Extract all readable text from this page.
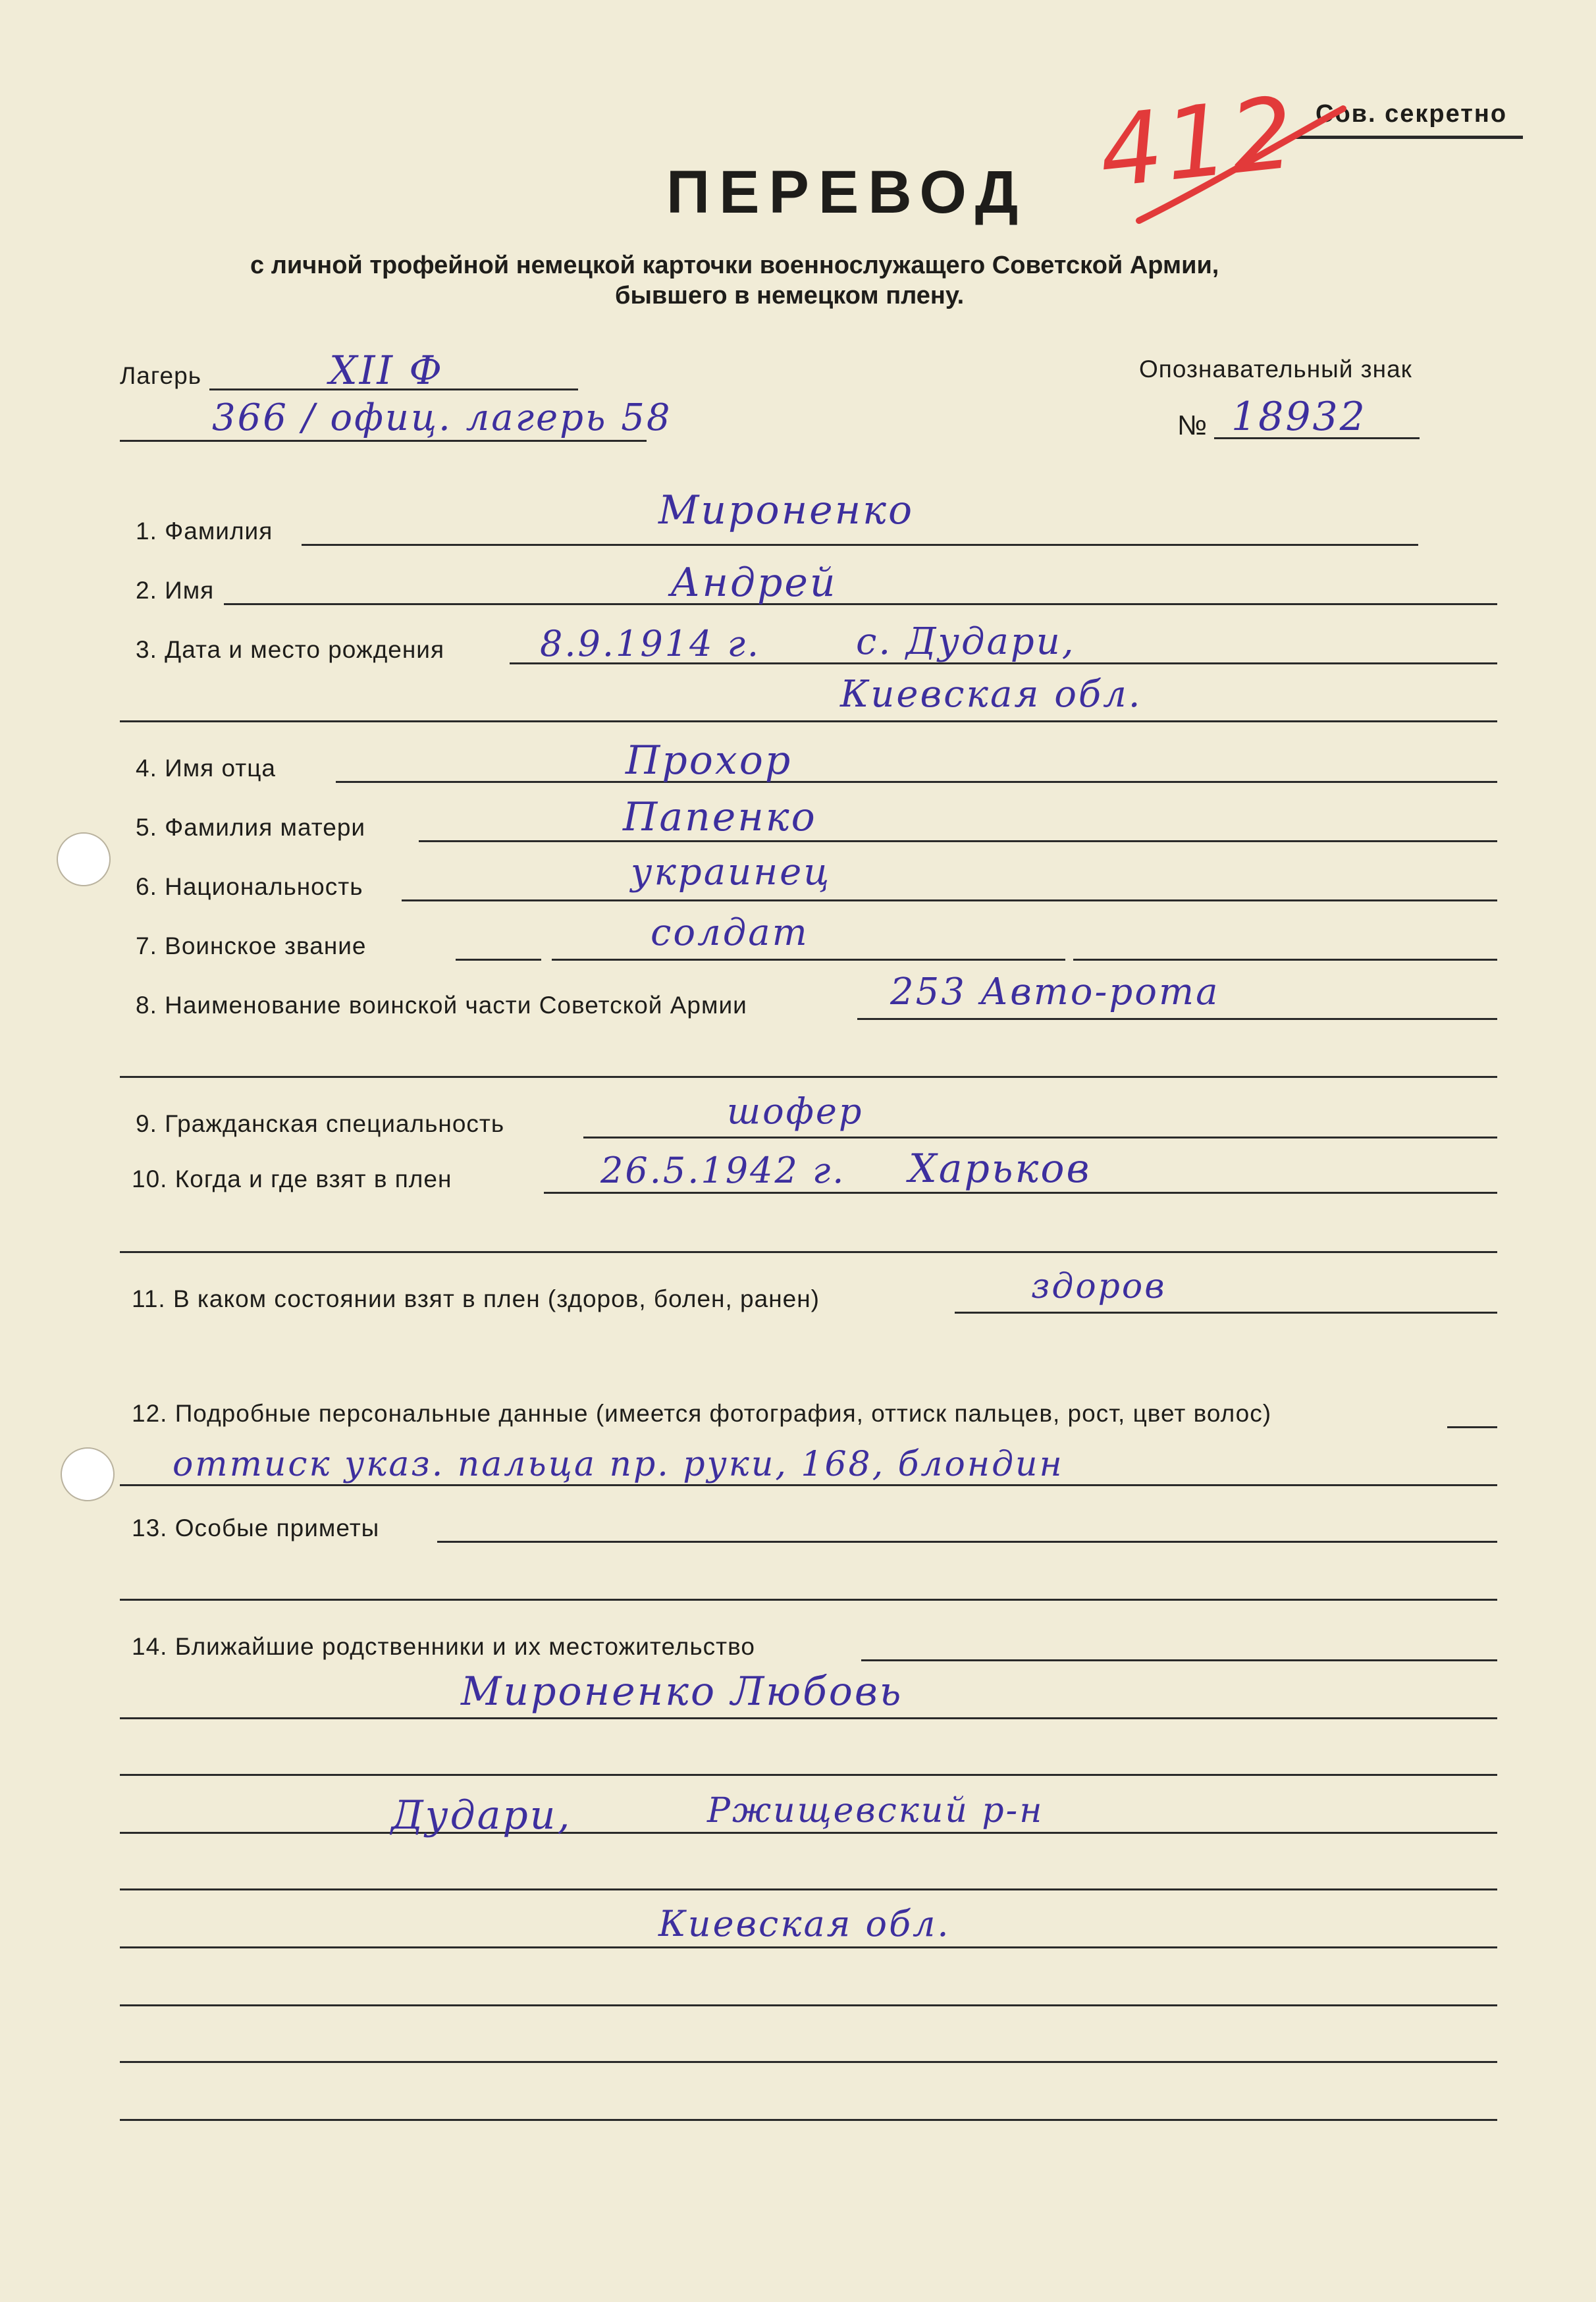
Сов. секретно
412
ПЕРЕВОД
с личной трофейной немецкой карточки военнослужащего Советской Армии,
бывшего в немецком плену.
Лагерь	XII Ф
366 / офиц. лагерь 58
Опознавательный знак
№ 18932
1. Фамилия	Мироненко
2. Имя	Андрей
3. Дата и место рождения	8.9.1914 г.	с. Дудари,
Киевская обл.
4. Имя отца	Прохор
5. Фамилия матери	Папенко
6. Национальность	украинец
7. Воинское звание	солдат
8. Наименование воинской части Советской Армии	253 Авто-рота
9. Гражданская специальность	шофер
10. Когда и где взят в плен	26.5.1942 г. Харьков
11. В каком состоянии взят в плен (здоров, болен, ранен)	здоров
12. Подробные персональные данные (имеется фотография, оттиск пальцев, рост, цвет волос)
оттиск указ. пальца пр. руки, 168, блондин
13. Особые приметы
14. Ближайшие родственники и их местожительство
Мироненко Любовь
Дудари,	Ржищевский р-н
Киевская обл.
